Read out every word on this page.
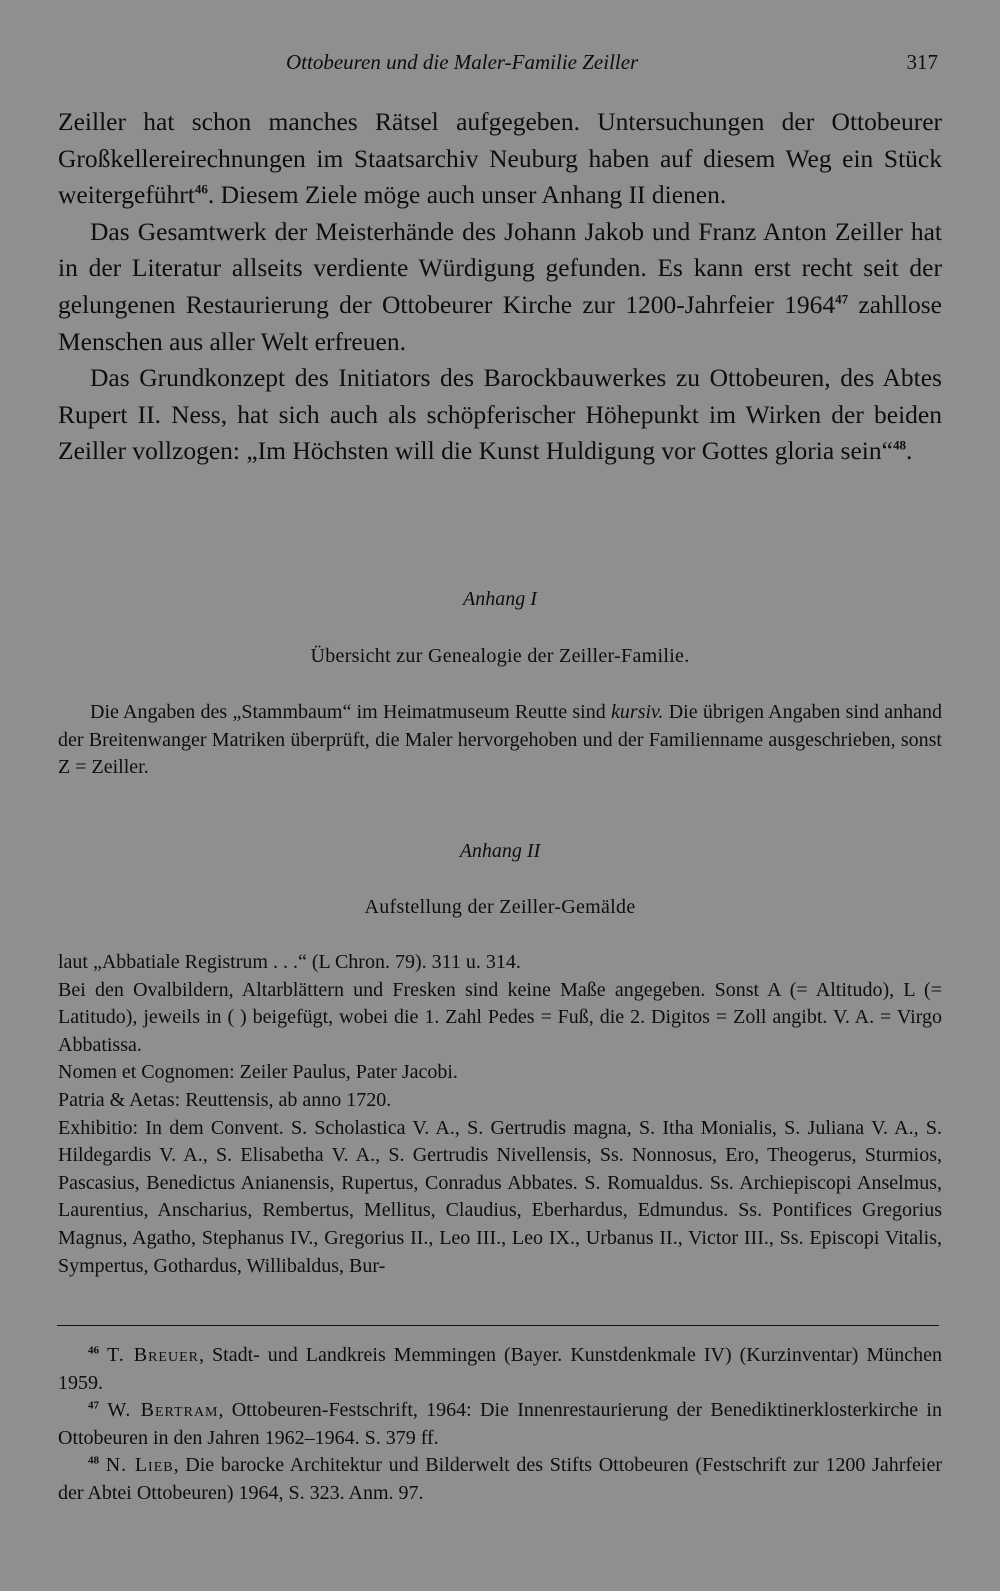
Ottobeuren und die Maler-Familie Zeiller	317

Zeiller hat schon manches Rätsel aufgegeben. Untersuchungen der Ottobeurer Großkellereirechnungen im Staatsarchiv Neuburg haben auf diesem Weg ein Stück weitergeführt$^{46}$. Diesem Ziele möge auch unser Anhang II dienen.

Das Gesamtwerk der Meisterhände des Johann Jakob und Franz Anton Zeiller hat in der Literatur allseits verdiente Würdigung gefunden. Es kann erst recht seit der gelungenen Restaurierung der Ottobeurer Kirche zur 1200-Jahrfeier 1964$^{47}$ zahllose Menschen aus aller Welt erfreuen.

Das Grundkonzept des Initiators des Barockbauwerkes zu Ottobeuren, des Abtes Rupert II. Ness, hat sich auch als schöpferischer Höhepunkt im Wirken der beiden Zeiller vollzogen: „Im Höchsten will die Kunst Huldigung vor Gottes gloria sein“$^{48}$.

Anhang I
Übersicht zur Genealogie der Zeiller-Familie.

Die Angaben des „Stammbaum“ im Heimatmuseum Reutte sind kursiv. Die übrigen Angaben sind anhand der Breitenwanger Matriken überprüft, die Maler hervorgehoben und der Familienname ausgeschrieben, sonst Z = Zeiller.

Anhang II
Aufstellung der Zeiller-Gemälde

laut „Abbatiale Registrum . . .“ (L Chron. 79). 311 u. 314.

Bei den Ovalbildern, Altarblättern und Fresken sind keine Maße angegeben. Sonst A (= Altitudo), L (= Latitudo), jeweils in ( ) beigefügt, wobei die 1. Zahl Pedes = Fuß, die 2. Digitos = Zoll angibt. V. A. = Virgo Abbatissa.

Nomen et Cognomen: Zeiler Paulus, Pater Jacobi.

Patria & Aetas: Reuttensis, ab anno 1720.

Exhibitio: In dem Convent. S. Scholastica V. A., S. Gertrudis magna, S. Itha Monialis, S. Juliana V. A., S. Hildegardis V. A., S. Elisabetha V. A., S. Gertrudis Nivellensis, Ss. Nonnosus, Ero, Theogerus, Sturmios, Pascasius, Benedictus Anianensis, Rupertus, Conradus Abbates. S. Romualdus. Ss. Archiepiscopi Anselmus, Laurentius, Anscharius, Rembertus, Mellitus, Claudius, Eberhardus, Edmundus. Ss. Pontifices Gregorius Magnus, Agatho, Stephanus IV., Gregorius II., Leo III., Leo IX., Urbanus II., Victor III., Ss. Episcopi Vitalis, Sympertus, Gothardus, Willibaldus, Bur-

$^{46}$ T. Breuer, Stadt- und Landkreis Memmingen (Bayer. Kunstdenkmale IV) (Kurzinventar) München 1959.

$^{47}$ W. Bertram, Ottobeuren-Festschrift, 1964: Die Innenrestaurierung der Benediktinerklosterkirche in Ottobeuren in den Jahren 1962–1964. S. 379 ff.

$^{48}$ N. Lieb, Die barocke Architektur und Bilderwelt des Stifts Ottobeuren (Festschrift zur 1200 Jahrfeier der Abtei Ottobeuren) 1964, S. 323. Anm. 97.
